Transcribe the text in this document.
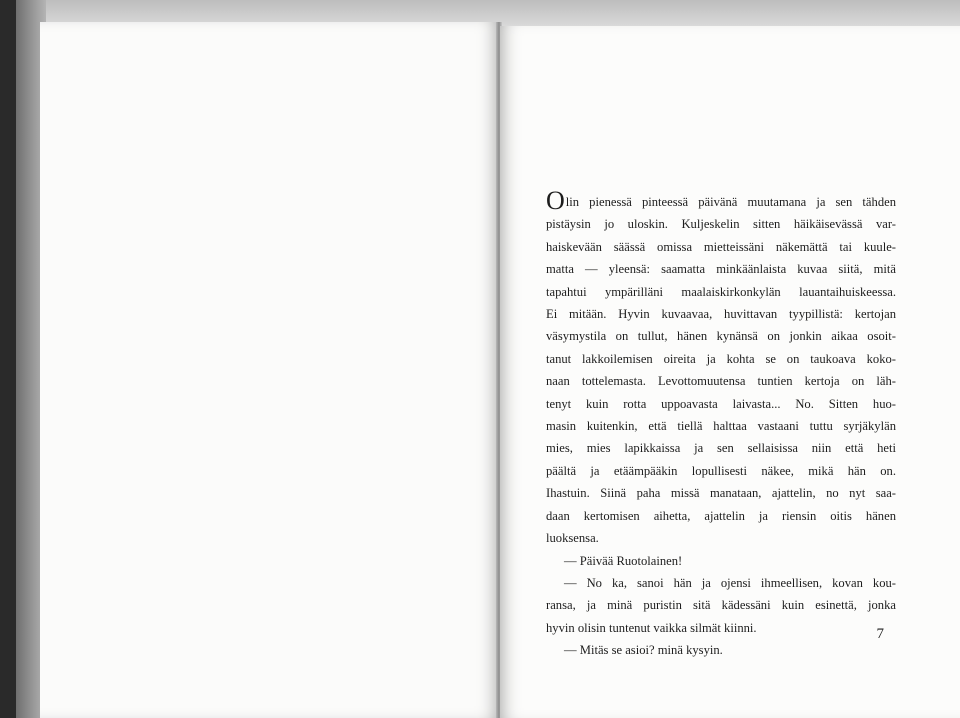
Olin pienessä pinteessä päivänä muutamana ja sen tähden
pistäysin jo uloskin. Kuljeskelin sitten häikäisevässä var-
haiskevään säässä omissa mietteissäni näkemättä tai kuule-
matta — yleensä: saamatta minkäänlaista kuvaa siitä, mitä
tapahtui ympärilläni maalaiskirkonkylän lauantaihuiskeessa.
Ei mitään. Hyvin kuvaavaa, huvittavan tyypillistä: kertojan
väsymystila on tullut, hänen kynänsä on jonkin aikaa osoit-
tanut lakkoilemisen oireita ja kohta se on taukoava koko-
naan tottelemasta. Levottomuutensa tuntien kertoja on läh-
tenyt kuin rotta uppoavasta laivasta... No. Sitten huo-
masin kuitenkin, että tiellä halttaa vastaani tuttu syrjäkylän
mies, mies lapikkaissa ja sen sellaisissa niin että heti
päältä ja etäämpääkin lopullisesti näkee, mikä hän on.
Ihastuin. Siinä paha missä manataan, ajattelin, no nyt saa-
daan kertomisen aihetta, ajattelin ja riensin oitis hänen
luoksensa.
— Päivää Ruotolainen!
— No ka, sanoi hän ja ojensi ihmeellisen, kovan kou-
ransa, ja minä puristin sitä kädessäni kuin esinettä, jonka
hyvin olisin tuntenut vaikka silmät kiinni.
— Mitäs se asioi? minä kysyin.
7
